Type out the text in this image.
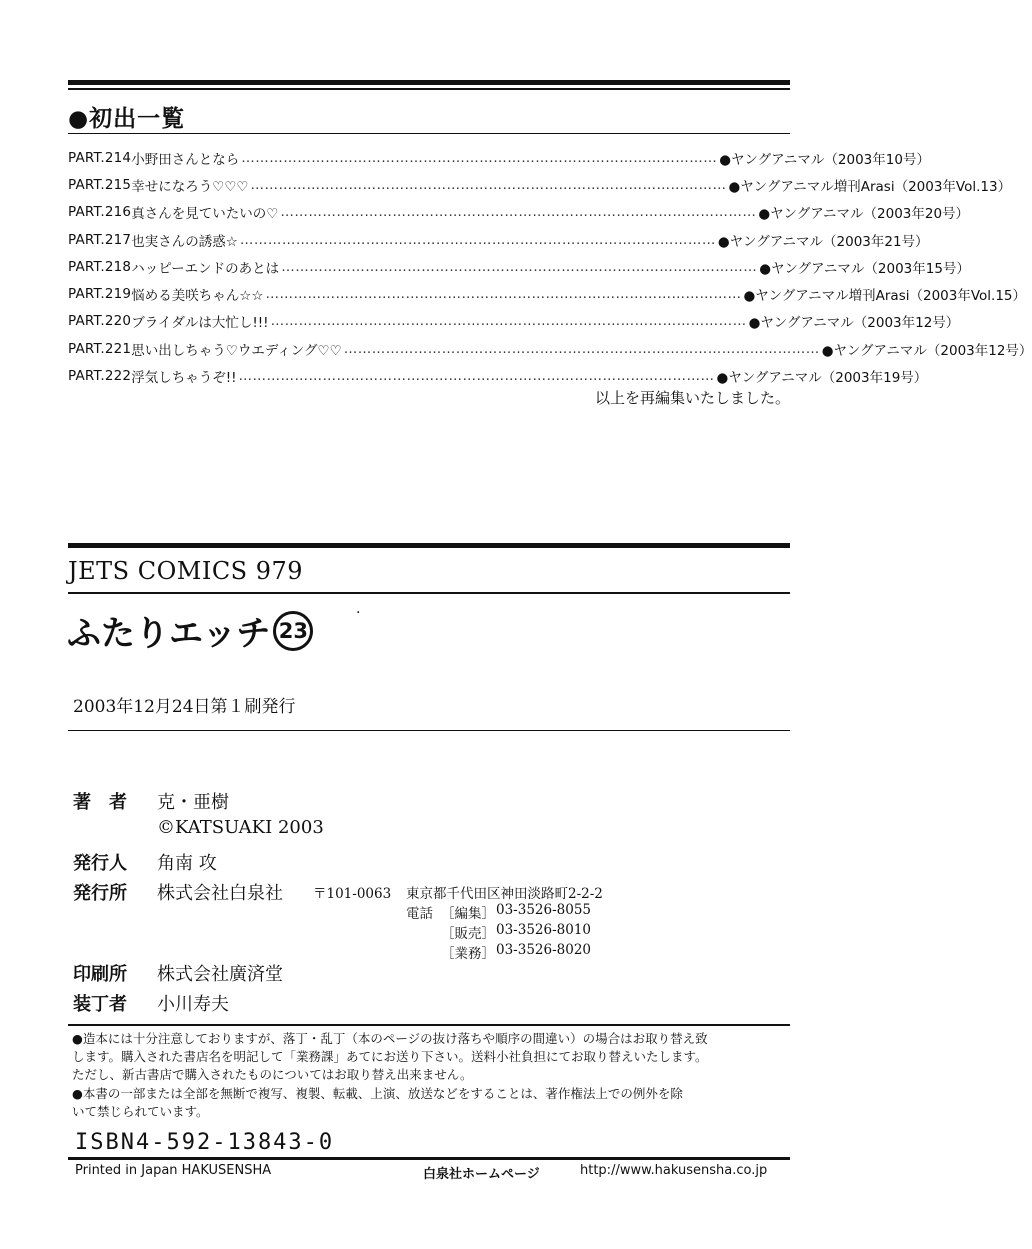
●初出一覧
PART.214 小野田さんとなら ………………………………………………………………………………………… ●ヤングアニマル（2003年10号）
PART.215 幸せになろう♡♡♡ ………………………………………………………………………………………… ●ヤングアニマル増刊Arasi（2003年Vol.13）
PART.216 真さんを見ていたいの♡ ………………………………………………………………………………………… ●ヤングアニマル（2003年20号）
PART.217 也実さんの誘惑☆ ………………………………………………………………………………………… ●ヤングアニマル（2003年21号）
PART.218 ハッピーエンドのあとは ………………………………………………………………………………………… ●ヤングアニマル（2003年15号）
PART.219 悩める美咲ちゃん☆☆ ………………………………………………………………………………………… ●ヤングアニマル増刊Arasi（2003年Vol.15）
PART.220 ブライダルは大忙し!!! ………………………………………………………………………………………… ●ヤングアニマル（2003年12号）
PART.221 思い出しちゃう♡ウエディング♡♡ ………………………………………………………………………………………… ●ヤングアニマル（2003年12号）
PART.222 浮気しちゃうぞ!! ………………………………………………………………………………………… ●ヤングアニマル（2003年19号）
以上を再編集いたしました。
JETS COMICS 979
ふたりエッチ 23
·
2003年12月24日第１刷発行
著　者 克・亜樹
©KATSUAKI 2003
発行人 角南 攻
発行所 株式会社白泉社 〒101-0063 東京都千代田区神田淡路町2-2-2
電話 ［編集］ 03-3526-8055
［販売］ 03-3526-8010
［業務］ 03-3526-8020
印刷所 株式会社廣済堂
装丁者 小川寿夫
●造本には十分注意しておりますが、落丁・乱丁（本のページの抜け落ちや順序の間違い）の場合はお取り替え致
します。購入された書店名を明記して「業務課」あてにお送り下さい。送料小社負担にてお取り替えいたします。
ただし、新古書店で購入されたものについてはお取り替え出来ません。
●本書の一部または全部を無断で複写、複製、転載、上演、放送などをすることは、著作権法上での例外を除
いて禁じられています。
ISBN4-592-13843-0
Printed in Japan HAKUSENSHA	白泉社ホームページ	http://www.hakusensha.co.jp
